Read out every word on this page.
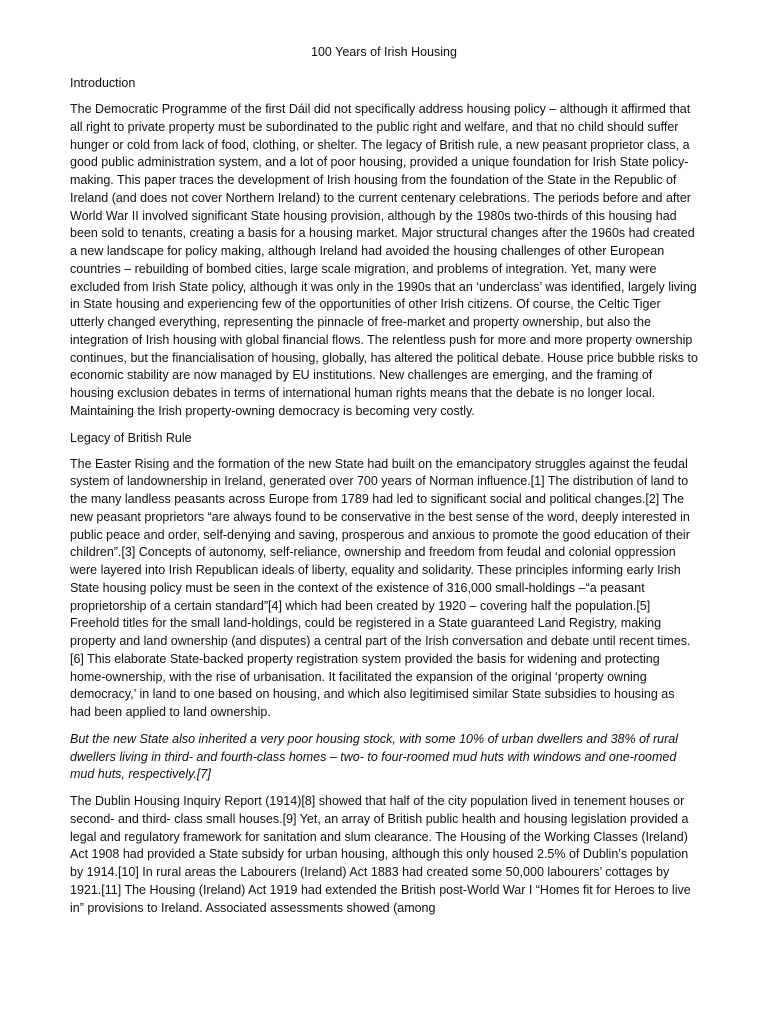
100 Years of Irish Housing
Introduction

The Democratic Programme of the first Dáil did not specifically address housing policy – although it affirmed that all right to private property must be subordinated to the public right and welfare, and that no child should suffer hunger or cold from lack of food, clothing, or shelter. The legacy of British rule, a new peasant proprietor class, a good public administration system, and a lot of poor housing, provided a unique foundation for Irish State policy-making. This paper traces the development of Irish housing from the foundation of the State in the Republic of Ireland (and does not cover Northern Ireland) to the current centenary celebrations. The periods before and after World War II involved significant State housing provision, although by the 1980s two-thirds of this housing had been sold to tenants, creating a basis for a housing market. Major structural changes after the 1960s had created a new landscape for policy making, although Ireland had avoided the housing challenges of other European countries – rebuilding of bombed cities, large scale migration, and problems of integration. Yet, many were excluded from Irish State policy, although it was only in the 1990s that an ‘underclass’ was identified, largely living in State housing and experiencing few of the opportunities of other Irish citizens. Of course, the Celtic Tiger utterly changed everything, representing the pinnacle of free-market and property ownership, but also the integration of Irish housing with global financial flows. The relentless push for more and more property ownership continues, but the financialisation of housing, globally, has altered the political debate. House price bubble risks to economic stability are now managed by EU institutions. New challenges are emerging, and the framing of housing exclusion debates in terms of international human rights means that the debate is no longer local. Maintaining the Irish property-owning democracy is becoming very costly.

Legacy of British Rule

The Easter Rising and the formation of the new State had built on the emancipatory struggles against the feudal system of landownership in Ireland, generated over 700 years of Norman influence.[1] The distribution of land to the many landless peasants across Europe from 1789 had led to significant social and political changes.[2] The new peasant proprietors “are always found to be conservative in the best sense of the word, deeply interested in public peace and order, self-denying and saving, prosperous and anxious to promote the good education of their children”.[3] Concepts of autonomy, self-reliance, ownership and freedom from feudal and colonial oppression were layered into Irish Republican ideals of liberty, equality and solidarity. These principles informing early Irish State housing policy must be seen in the context of the existence of 316,000 small-holdings –“a peasant proprietorship of a certain standard”[4] which had been created by 1920 – covering half the population.[5] Freehold titles for the small land-holdings, could be registered in a State guaranteed Land Registry, making property and land ownership (and disputes) a central part of the Irish conversation and debate until recent times.[6] This elaborate State-backed property registration system provided the basis for widening and protecting home-ownership, with the rise of urbanisation. It facilitated the expansion of the original ‘property owning democracy,’ in land to one based on housing, and which also legitimised similar State subsidies to housing as had been applied to land ownership.

But the new State also inherited a very poor housing stock, with some 10% of urban dwellers and 38% of rural dwellers living in third- and fourth-class homes – two- to four-roomed mud huts with windows and one-roomed mud huts, respectively.[7]

The Dublin Housing Inquiry Report (1914)[8] showed that half of the city population lived in tenement houses or second- and third- class small houses.[9] Yet, an array of British public health and housing legislation provided a legal and regulatory framework for sanitation and slum clearance. The Housing of the Working Classes (Ireland) Act 1908 had provided a State subsidy for urban housing, although this only housed 2.5% of Dublin’s population by 1914.[10] In rural areas the Labourers (Ireland) Act 1883 had created some 50,000 labourers’ cottages by 1921.[11] The Housing (Ireland) Act 1919 had extended the British post-World War I “Homes fit for Heroes to live in” provisions to Ireland. Associated assessments showed (among
